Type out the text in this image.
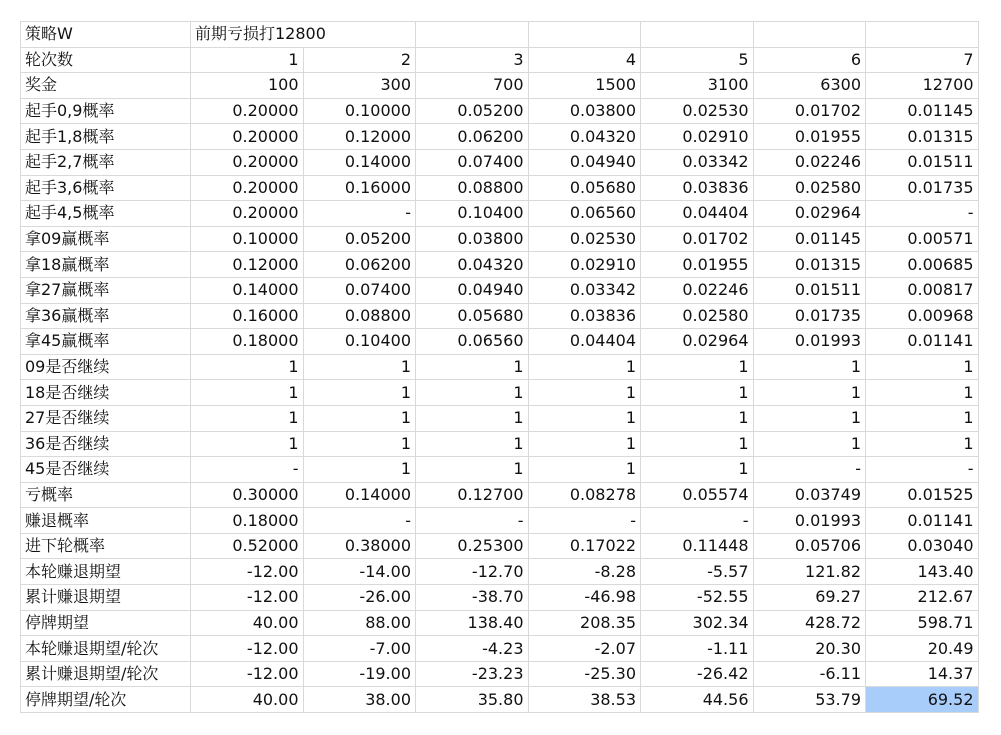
策略W	前期亏损打12800						
轮次数	1	2	3	4	5	6	7
奖金	100	300	700	1500	3100	6300	12700
起手0,9概率	0.20000	0.10000	0.05200	0.03800	0.02530	0.01702	0.01145
起手1,8概率	0.20000	0.12000	0.06200	0.04320	0.02910	0.01955	0.01315
起手2,7概率	0.20000	0.14000	0.07400	0.04940	0.03342	0.02246	0.01511
起手3,6概率	0.20000	0.16000	0.08800	0.05680	0.03836	0.02580	0.01735
起手4,5概率	0.20000	-	0.10400	0.06560	0.04404	0.02964	-
拿09赢概率	0.10000	0.05200	0.03800	0.02530	0.01702	0.01145	0.00571
拿18赢概率	0.12000	0.06200	0.04320	0.02910	0.01955	0.01315	0.00685
拿27赢概率	0.14000	0.07400	0.04940	0.03342	0.02246	0.01511	0.00817
拿36赢概率	0.16000	0.08800	0.05680	0.03836	0.02580	0.01735	0.00968
拿45赢概率	0.18000	0.10400	0.06560	0.04404	0.02964	0.01993	0.01141
09是否继续	1	1	1	1	1	1	1
18是否继续	1	1	1	1	1	1	1
27是否继续	1	1	1	1	1	1	1
36是否继续	1	1	1	1	1	1	1
45是否继续	-	1	1	1	1	-	-
亏概率	0.30000	0.14000	0.12700	0.08278	0.05574	0.03749	0.01525
赚退概率	0.18000	-	-	-	-	0.01993	0.01141
进下轮概率	0.52000	0.38000	0.25300	0.17022	0.11448	0.05706	0.03040
本轮赚退期望	-12.00	-14.00	-12.70	-8.28	-5.57	121.82	143.40
累计赚退期望	-12.00	-26.00	-38.70	-46.98	-52.55	69.27	212.67
停牌期望	40.00	88.00	138.40	208.35	302.34	428.72	598.71
本轮赚退期望/轮次	-12.00	-7.00	-4.23	-2.07	-1.11	20.30	20.49
累计赚退期望/轮次	-12.00	-19.00	-23.23	-25.30	-26.42	-6.11	14.37
停牌期望/轮次	40.00	38.00	35.80	38.53	44.56	53.79	69.52
